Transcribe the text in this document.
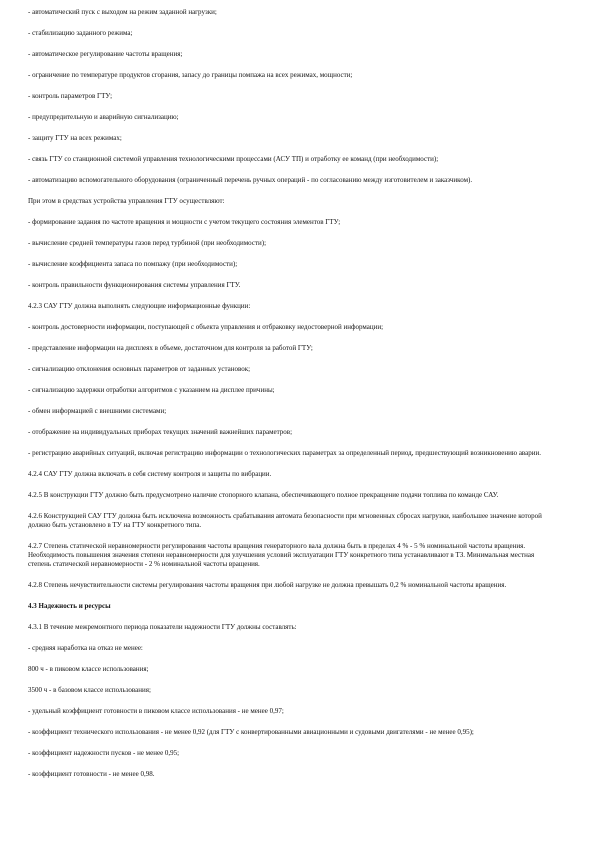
- автоматический пуск с выходом на режим заданной нагрузки;

- стабилизацию заданного режима;

- автоматическое регулирование частоты вращения;

- ограничение по температуре продуктов сгорания, запасу до границы помпажа на всех режимах, мощности;

- контроль параметров ГТУ;

- предупредительную и аварийную сигнализацию;

- защиту ГТУ на всех режимах;

- связь ГТУ со станционной системой управления технологическими процессами (АСУ ТП) и отработку ее команд (при необходимости);

- автоматизацию вспомогательного оборудования (ограниченный перечень ручных операций - по согласованию между изготовителем и заказчиком).

При этом в средствах устройства управления ГТУ осуществляют:

- формирование задания по частоте вращения и мощности с учетом текущего состояния элементов ГТУ;

- вычисление средней температуры газов перед турбиной (при необходимости);

- вычисление коэффициента запаса по помпажу (при необходимости);

- контроль правильности функционирования системы управления ГТУ.

4.2.3 САУ ГТУ должна выполнять следующие информационные функции:

- контроль достоверности информации, поступающей с объекта управления и отбраковку недостоверной информации;

- представление информации на дисплеях в объеме, достаточном для контроля за работой ГТУ;

- сигнализацию отклонения основных параметров от заданных установок;

- сигнализацию задержки отработки алгоритмов с указанием на дисплее причины;

- обмен информацией с внешними системами;

- отображение на индивидуальных приборах текущих значений важнейших параметров;

- регистрацию аварийных ситуаций, включая регистрацию информации о технологических параметрах за определенный период, предшествующий возникновению аварии.

4.2.4 САУ ГТУ должна включать в себя систему контроля и защиты по вибрации.

4.2.5 В конструкции ГТУ должно быть предусмотрено наличие стопорного клапана, обеспечивающего полное прекращение подачи топлива по команде САУ.

4.2.6 Конструкцией САУ ГТУ должна быть исключена возможность срабатывания автомата безопасности при мгновенных сбросах нагрузки, наибольшее значение которой должно быть установлено в ТУ на ГТУ конкретного типа.

4.2.7 Степень статической неравномерности регулирования частоты вращения генераторного вала должна быть в пределах 4 % - 5 % номинальной частоты вращения. Необходимость повышения значения степени неравномерности для улучшения условий эксплуатации ГТУ конкретного типа устанавливают в ТЗ. Минимальная местная степень статической неравномерности - 2 % номинальной частоты вращения.

4.2.8 Степень нечувствительности системы регулирования частоты вращения при любой нагрузке не должна превышать 0,2 % номинальной частоты вращения.

4.3 Надежность и ресурсы

4.3.1 В течение межремонтного периода показатели надежности ГТУ должны составлять:

- средняя наработка на отказ не менее:

800 ч - в пиковом классе использования;

3500 ч - в базовом классе использования;

- удельный коэффициент готовности в пиковом классе использования - не менее 0,97;

- коэффициент технического использования - не менее 0,92 (для ГТУ с конвертированными авиационными и судовыми двигателями - не менее 0,95);

- коэффициент надежности пусков - не менее 0,95;

- коэффициент готовности - не менее 0,98.
